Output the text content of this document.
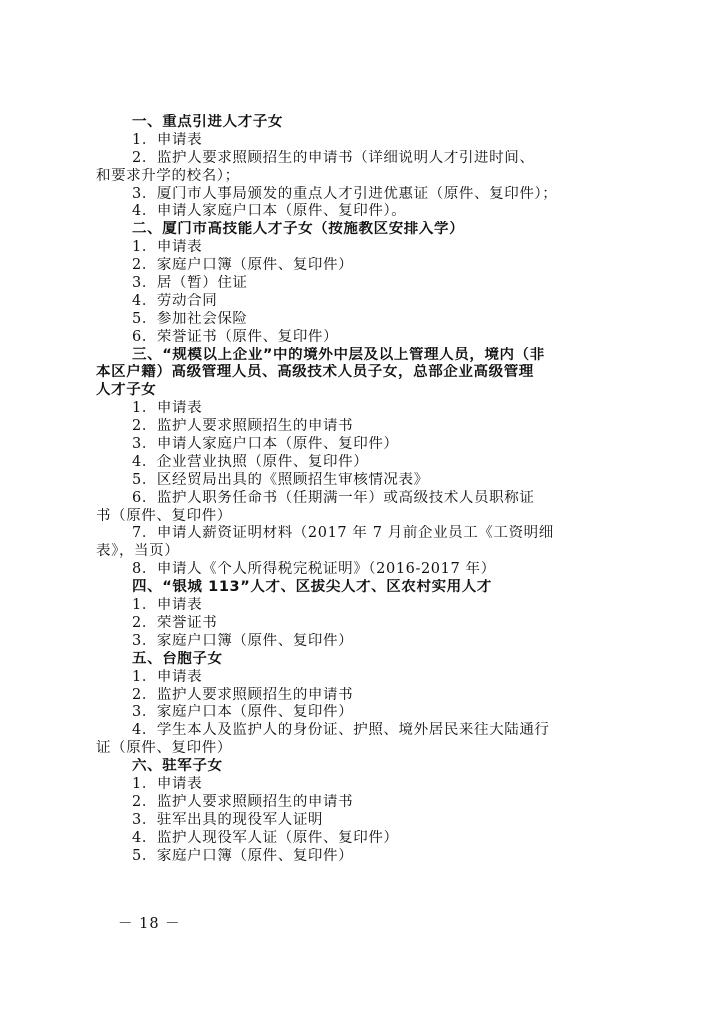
一、重点引进人才子女
1．申请表
2．监护人要求照顾招生的申请书（详细说明人才引进时间、
和要求升学的校名）；
3．厦门市人事局颁发的重点人才引进优惠证（原件、复印件）；
4．申请人家庭户口本（原件、复印件）。
二、厦门市高技能人才子女（按施教区安排入学）
1．申请表
2．家庭户口簿（原件、复印件）
3．居（暂）住证
4．劳动合同
5．参加社会保险
6．荣誉证书（原件、复印件）
三、“规模以上企业”中的境外中层及以上管理人员，境内（非
本区户籍）高级管理人员、高级技术人员子女，总部企业高级管理
人才子女
1．申请表
2．监护人要求照顾招生的申请书
3．申请人家庭户口本（原件、复印件）
4．企业营业执照（原件、复印件）
5．区经贸局出具的《照顾招生审核情况表》
6．监护人职务任命书（任期满一年）或高级技术人员职称证
书（原件、复印件）
7．申请人薪资证明材料（2017 年 7 月前企业员工《工资明细
表》，当页）
8．申请人《个人所得税完税证明》（2016-2017 年）
四、“银城 113”人才、区拔尖人才、区农村实用人才
1．申请表
2．荣誉证书
3．家庭户口簿（原件、复印件）
五、台胞子女
1．申请表
2．监护人要求照顾招生的申请书
3．家庭户口本（原件、复印件）
4．学生本人及监护人的身份证、护照、境外居民来往大陆通行
证（原件、复印件）
六、驻军子女
1．申请表
2．监护人要求照顾招生的申请书
3．驻军出具的现役军人证明
4．监护人现役军人证（原件、复印件）
5．家庭户口簿（原件、复印件）
－ 18 －
